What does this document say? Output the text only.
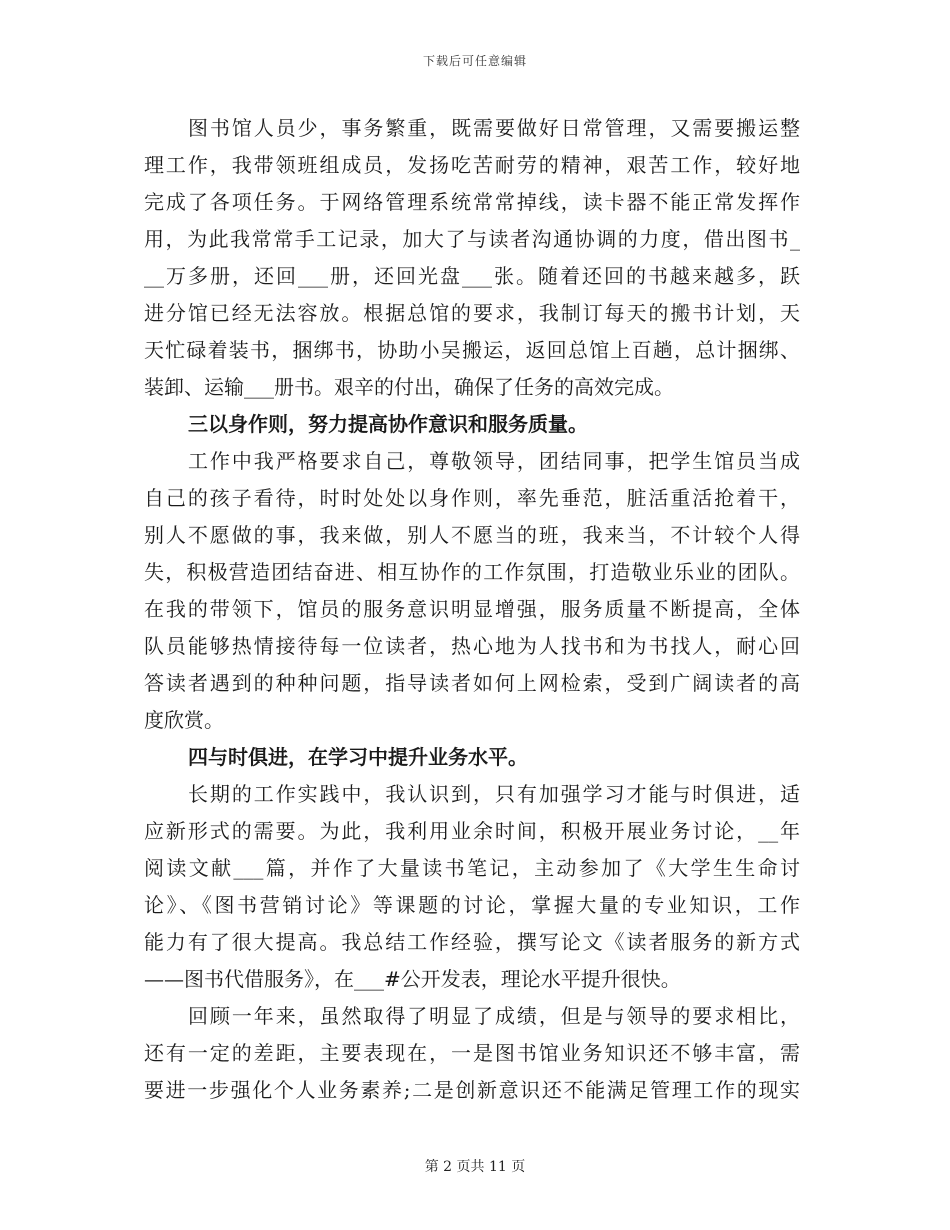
下载后可任意编辑
图书馆人员少，事务繁重，既需要做好日常管理，又需要搬运整
理工作，我带领班组成员，发扬吃苦耐劳的精神，艰苦工作，较好地
完成了各项任务。于网络管理系统常常掉线，读卡器不能正常发挥作
用，为此我常常手工记录，加大了与读者沟通协调的力度，借出图书_
__万多册，还回___册，还回光盘___张。随着还回的书越来越多，跃
进分馆已经无法容放。根据总馆的要求，我制订每天的搬书计划，天
天忙碌着装书，捆绑书，协助小吴搬运，返回总馆上百趟，总计捆绑、
装卸、运输___册书。艰辛的付出，确保了任务的高效完成。
三以身作则，努力提高协作意识和服务质量。
工作中我严格要求自己，尊敬领导，团结同事，把学生馆员当成
自己的孩子看待，时时处处以身作则，率先垂范，脏活重活抢着干，
别人不愿做的事，我来做，别人不愿当的班，我来当，不计较个人得
失，积极营造团结奋进、相互协作的工作氛围，打造敬业乐业的团队。
在我的带领下，馆员的服务意识明显增强，服务质量不断提高，全体
队员能够热情接待每一位读者，热心地为人找书和为书找人，耐心回
答读者遇到的种种问题，指导读者如何上网检索，受到广阔读者的高
度欣赏。
四与时俱进，在学习中提升业务水平。
长期的工作实践中，我认识到，只有加强学习才能与时俱进，适
应新形式的需要。为此，我利用业余时间，积极开展业务讨论，__年
阅读文献___篇，并作了大量读书笔记，主动参加了《大学生生命讨
论》、《图书营销讨论》等课题的讨论，掌握大量的专业知识，工作
能力有了很大提高。我总结工作经验，撰写论文《读者服务的新方式
——图书代借服务》，在___#公开发表，理论水平提升很快。
回顾一年来，虽然取得了明显了成绩，但是与领导的要求相比，
还有一定的差距，主要表现在，一是图书馆业务知识还不够丰富，需
要进一步强化个人业务素养;二是创新意识还不能满足管理工作的现实
第 2 页共 11 页
